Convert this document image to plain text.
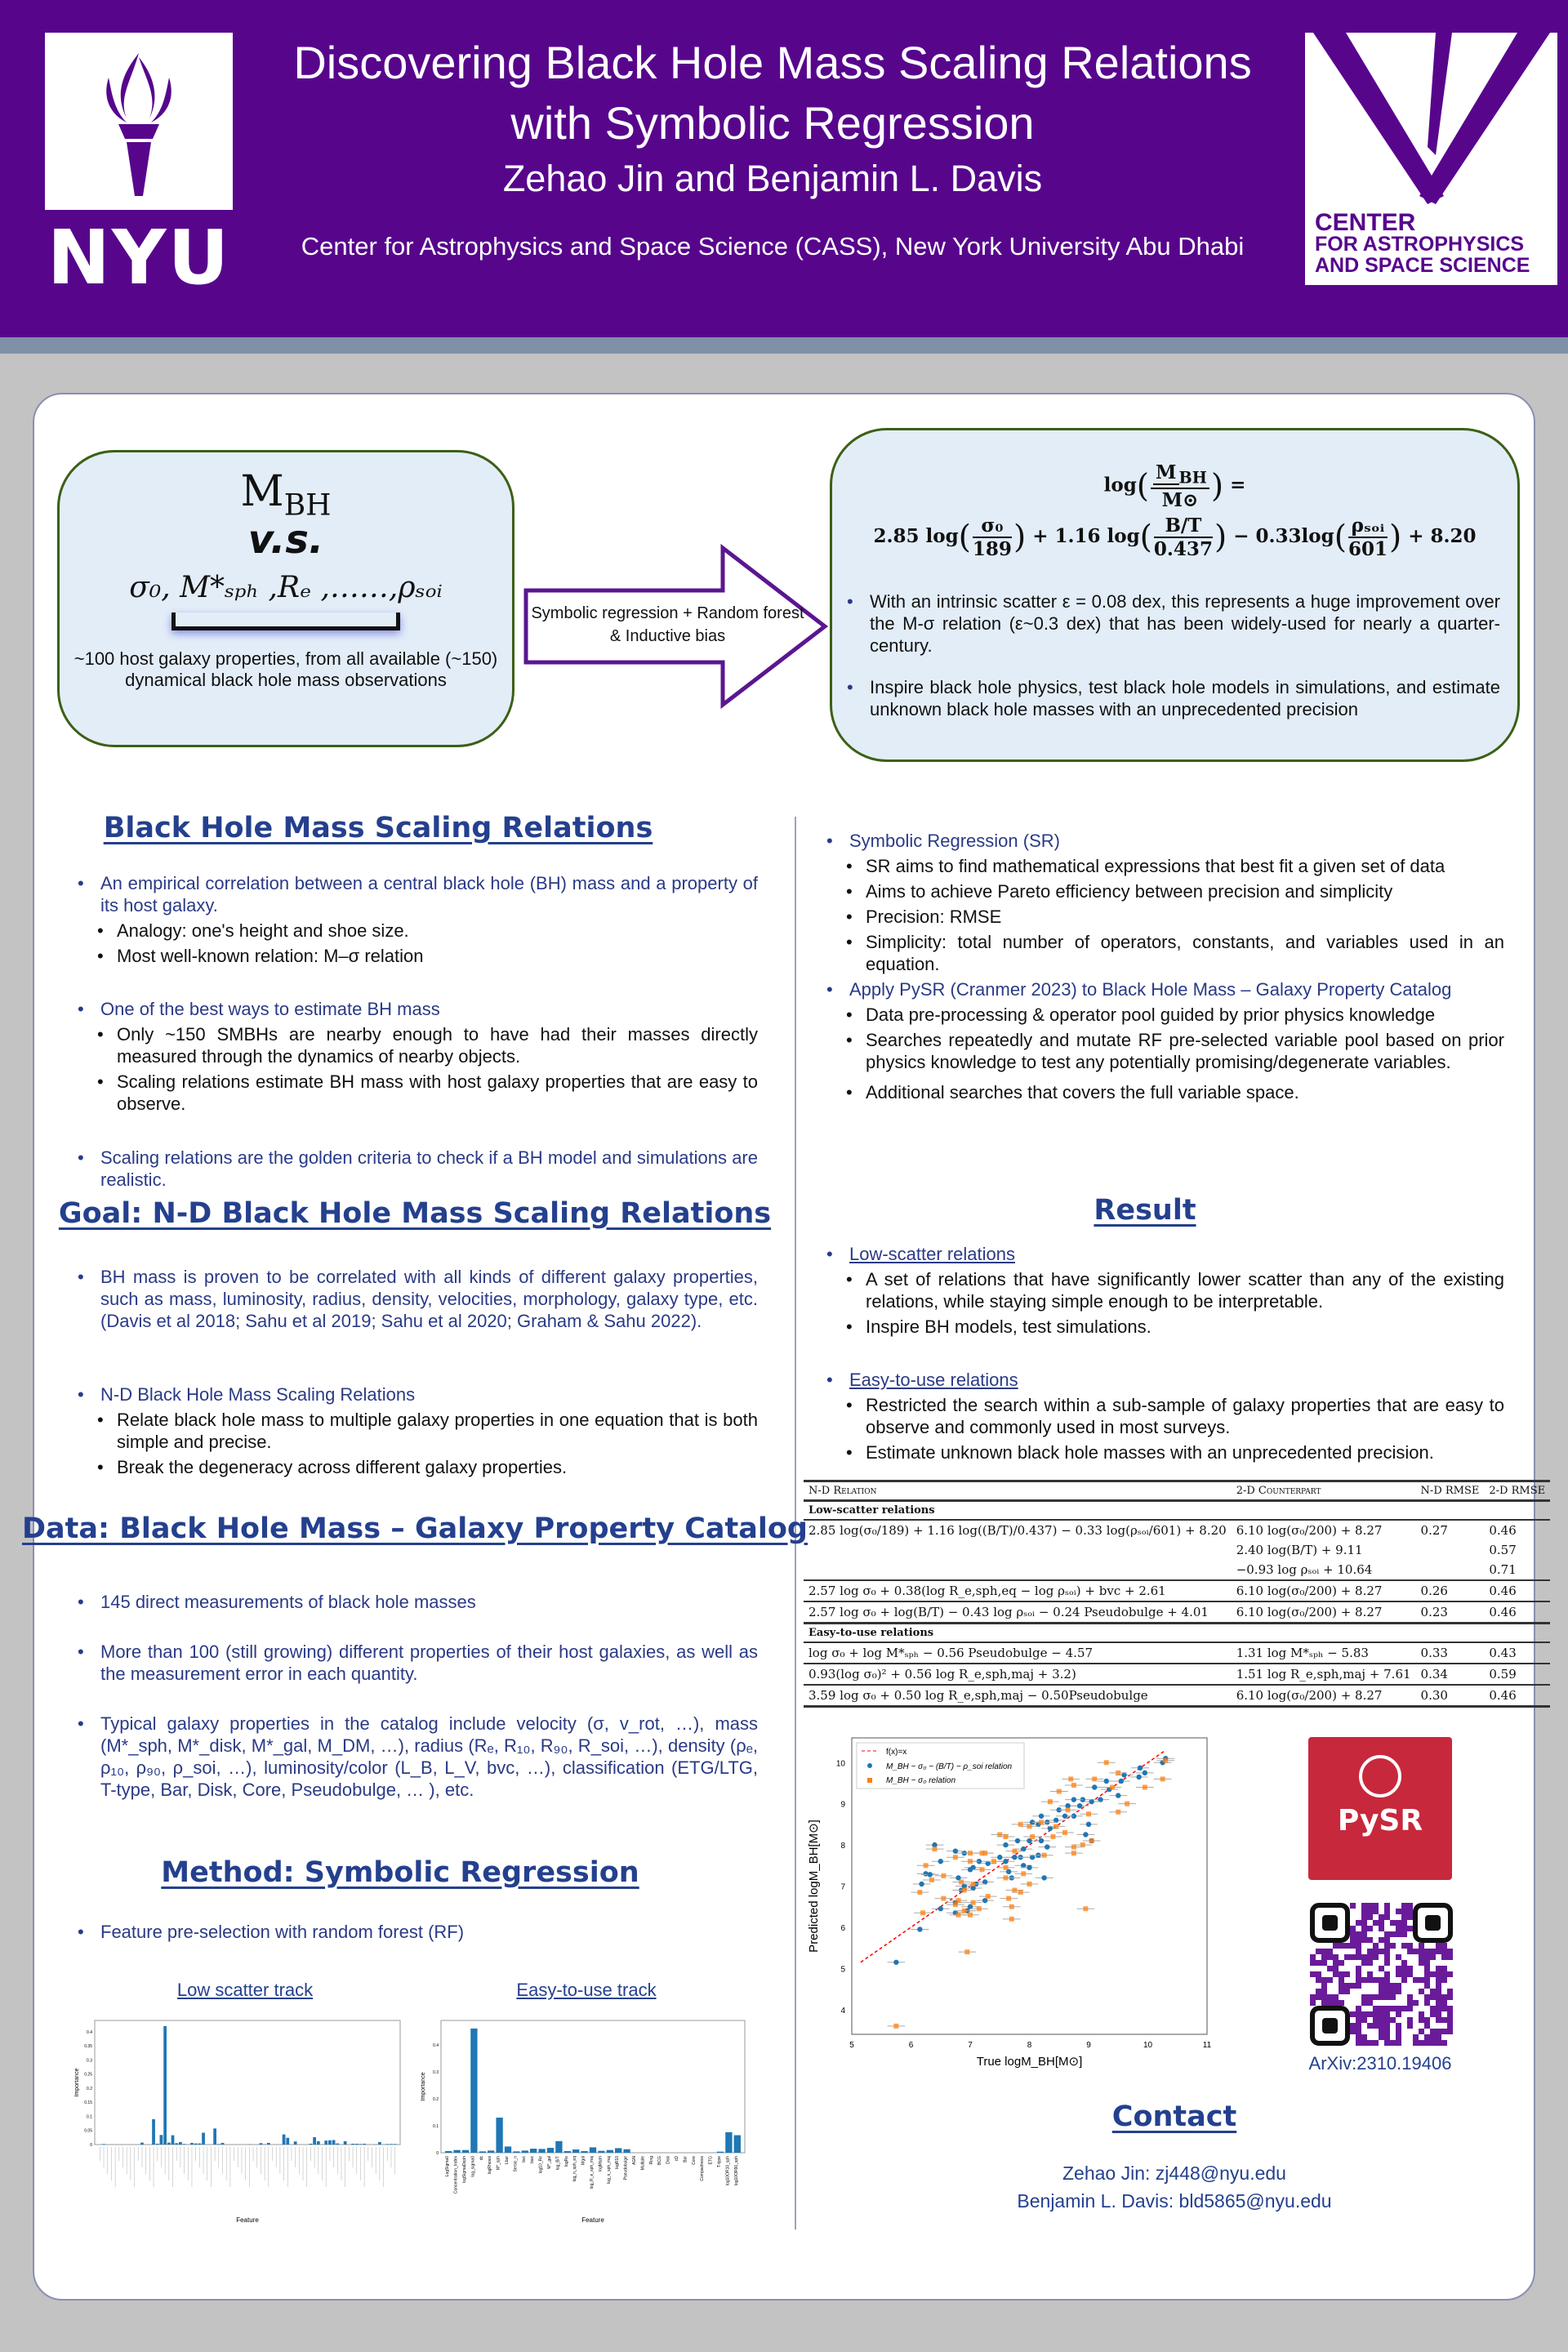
NYU
Discovering Black Hole Mass Scaling Relations
with Symbolic Regression
Zehao Jin and Benjamin L. Davis
Center for Astrophysics and Space Science (CASS), New York University Abu Dhabi
CENTER
FOR ASTROPHYSICS
AND SPACE SCIENCE
$M_{BH}$
v.s.
σ₀, M*ₛₚₕ ,Rₑ ,……,ρₛₒᵢ
~100 host galaxy properties, from all available (~150) dynamical black hole mass observations
Symbolic regression + Random forest & Inductive bias
$\log( \frac{M _{BH}}{M⊙}$ ) =
2.85 $\log( \frac{\text{σ₀}}{189}$ ) + 1.16 $\log( \frac{B/T}{0.437}$ ) − $0.33\log( \frac{\text{ρₛₒᵢ}}{601}$ ) + 8.20
• With an intrinsic scatter ε = 0.08 dex, this represents a huge improvement over the M-σ relation (ε~0.3 dex) that has been widely-used for nearly a quarter-century.
• Inspire black hole physics, test black hole models in simulations, and estimate unknown black hole masses with an unprecedented precision
Black Hole Mass Scaling Relations
• An empirical correlation between a central black hole (BH) mass and a property of its host galaxy.
• Analogy: one's height and shoe size.
• Most well-known relation: M–σ relation
• One of the best ways to estimate BH mass
• Only ~150 SMBHs are nearby enough to have had their masses directly measured through the dynamics of nearby objects.
• Scaling relations estimate BH mass with host galaxy properties that are easy to observe.
• Scaling relations are the golden criteria to check if a BH model and simulations are realistic.
Goal: N-D Black Hole Mass Scaling Relations
• BH mass is proven to be correlated with all kinds of different galaxy properties, such as mass, luminosity, radius, density, velocities, morphology, galaxy type, etc. (Davis et al 2018; Sahu et al 2019; Sahu et al 2020; Graham & Sahu 2022).
• N-D Black Hole Mass Scaling Relations
• Relate black hole mass to multiple galaxy properties in one equation that is both simple and precise.
• Break the degeneracy across different galaxy properties.
Data: Black Hole Mass – Galaxy Property Catalog
• 145 direct measurements of black hole masses
• More than 100 (still growing) different properties of their host galaxies, as well as the measurement error in each quantity.
• Typical galaxy properties in the catalog include velocity (σ, v_rot, …), mass (M*_sph, M*_disk, M*_gal, M_DM, …), radius (Rₑ, R₁₀, R₉₀, R_soi, …), density (ρₑ, ρ₁₀, ρ₉₀, ρ_soi, …), luminosity/color (L_B, L_V, bvc, …), classification (ETG/LTG, T-type, Bar, Disk, Core, Pseudobulge, … ), etc.
Method: Symbolic Regression
• Feature pre-selection with random forest (RF)
Low scatter track	Easy-to-use track
0
0.05
0.1
0.15
0.2
0.25
0.3
0.35
0.4
Feature
Importance
0
0.1
0.2
0.3
0.4
LogSigma0 Concentration_Index logSigmaDeph log_sigma0 dc logRhosoi M*_sph Lbar Sersic_n bvc bwc log10_Re M*_gal log_B/T logRe log_n_sph_eq Mgal log_R_e_sph_maj logMsph log_n_sph_maj logR10 Pseudobulge AGN Multiple Ring BCG Disk cD Bar Core Compactness ETG T-type log10OR10_sph log10OR90_sph
Feature
Importance
• Symbolic Regression (SR)
• SR aims to find mathematical expressions that best fit a given set of data
• Aims to achieve Pareto efficiency between precision and simplicity
• Precision: RMSE
• Simplicity: total number of operators, constants, and variables used in an equation.
• Apply PySR (Cranmer 2023) to Black Hole Mass – Galaxy Property Catalog
• Data pre-processing & operator pool guided by prior physics knowledge
• Searches repeatedly and mutate RF pre-selected variable pool based on prior physics knowledge to test any potentially promising/degenerate variables.
• Additional searches that covers the full variable space.
Result
• Low-scatter relations
• A set of relations that have significantly lower scatter than any of the existing relations, while staying simple enough to be interpretable.
• Inspire BH models, test simulations.
• Easy-to-use relations
• Restricted the search within a sub-sample of galaxy properties that are easy to observe and commonly used in most surveys.
• Estimate unknown black hole masses with an unprecedented precision.
N-D Relation	2-D Counterpart	N-D RMSE	2-D RMSE
Low-scatter relations			
2.85 log(σ₀/189) + 1.16 log((B/T)/0.437) − 0.33 log(ρₛₒᵢ/601) + 8.20	6.10 log(σ₀/200) + 8.27	0.27	0.46
	2.40 log(B/T) + 9.11		0.57
	−0.93 log ρₛₒᵢ + 10.64		0.71
2.57 log σ₀ + 0.38(log R_e,sph,eq − log ρₛₒᵢ) + bvc + 2.61	6.10 log(σ₀/200) + 8.27	0.26	0.46
2.57 log σ₀ + log(B/T) − 0.43 log ρₛₒᵢ − 0.24 Pseudobulge + 4.01	6.10 log(σ₀/200) + 8.27	0.23	0.46
Easy-to-use relations			
log σ₀ + log M*ₛₚₕ − 0.56 Pseudobulge − 4.57	1.31 log M*ₛₚₕ − 5.83	0.33	0.43
0.93(log σ₀)² + 0.56 log R_e,sph,maj + 3.2)	1.51 log R_e,sph,maj + 7.61	0.34	0.59
3.59 log σ₀ + 0.50 log R_e,sph,maj − 0.50Pseudobulge	6.10 log(σ₀/200) + 8.27	0.30	0.46
5	6	7	8	9	10	11
4
5
6
7
8
9
10
True logM_BH[M⊙]
Predicted logM_BH[M⊙]
f(x)=x
M_BH − σ₀ − (B/T) − ρ_soi relation
M_BH − σ₀ relation
PySR
ArXiv:2310.19406
Contact
Zehao Jin: zj448@nyu.edu
Benjamin L. Davis: bld5865@nyu.edu
